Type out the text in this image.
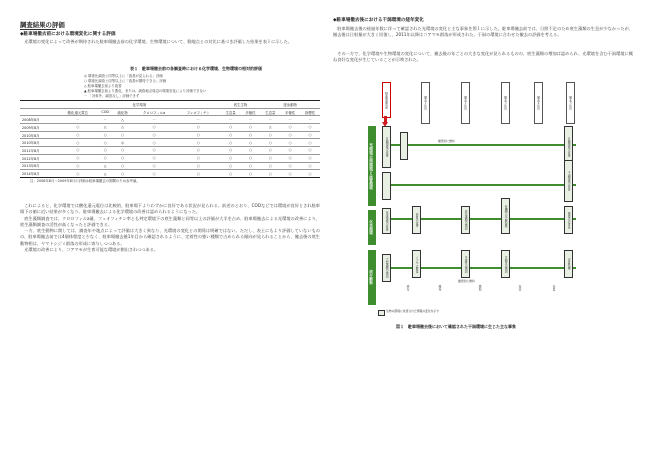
調査結果の評価
◆駐車場撤去前における環境変化に関する評価
　光環境の変化によって改善が期待された駐車場撤去前の化学環境、生物環境について、動地点との対比に基づき評価した結果を表１に示した。
表１　駐車場撤去前の各調査時における化学環境、生物環境の相対的評価
◎ 環境比調査と同等以上に「改善が見られる」評価
○ 環境比調査と同等以上に「改善が期待できる」評価
△ 駐車場撤去前より改善
▲ 駐車場撤去前より悪化、または、調査地点周辺の環境変化により評価できない
－ 「対象外、調査なし」評価できず
	化学環境					底生生物		遊泳動物		
	酸化還元電位	COD	硫化物	クロロフィルa	フェオフィチン	生息量	多様性	生息量	多様性	指標性
2008年8月	－	－	△	－	－	－	－	－	－	－
2009年8月	○	△	△	○	○	○	○	△	○	○
2010年8月	○	○	○	○	○	○	○	○	○	○
2010年8月	○	○	◎	○	○	○	○	○	○	○
2011年8月	○	○	○	○	○	○	○	○	○	○
2012年8月	○	○	○	○	○	○	○	○	○	○
2013年8月	○	△	○	○	○	○	○	○	○	○
2014年8月	○	△	○	○	○	○	○	○	○	○
注：2008年8月〜2009年8月の評価は駐車場撤去の期間のため参考値。
　これによると、化学環境では酸化還元電位は比較的、駐車場下よりわずかに良好である状況が見られる。前述のとおり、CODなどでは環境が良好とされ駐車場下の値に近い結果が多くなり、駐車場撤去による化学環境の改善は認められるようになった。
　底生藻類調査では、クロロフィルa量、フェオフィチン率とも判定環境下の底生藻類と同等以上の評価が大半を占め、駐車場撤去による光環境の改善により、底生藻類調査の活性が高くなったと評価できる。
　一方、底生動物に関しては、調査年や地点によって評価は大きく異なり、光環境の変化との関係は明確ではない。ただし、表土にもより評価していないものの、駐車場撤去前では4個体程度と少なく、駐車場撤去後1年目から確認されるように、定着性の強い種類で占められる傾向が見られることから、撤去後の底生動物相は、ヤマトシジミ群落の形成に寄与しつつある。
　光環境の改善により、コアマモが生育可能な環境が創出されつつある。
◆駐車場撤去後における干潟環境の経年変化
　駐車場撤去後の経過年数に伴って確認された光環境の変化と主な事象を図１に示した。駐車場撤去前では、日照不足のため底生藻類の生息が少なかったが、撤去後は日射量が大きく回復し、2011年以降はコアマモ群落が形成された。干潟の環境に合わせた撤去の評価を考える。
　その一方で、化学環境や生物環境の変化について、撤去後の年ごとの大きな変化が見られるものの、底生藻類の増加は認められ、光環境を含む干潟環境に概ね良好な変化が生じていることが示唆された。
駐車場撤去前	撤去１年目	撤去２年目	撤去３年目	撤去４年目	撤去５年目
光環境(日照環境)と底質環境
化学環境
底生動物
日照環境の改善	継続的に維持	日照環境の改善
干潟環境の変化
化学環境の改善	底質の改善	底生藻類の増加	有機物の分解促進	環境の安定化
大型藻類の増加	コアマモ群落	多様性の増加	生物量の増加	定着性種
継続的に維持
移行	維持	増加	安定	定着
生物の環境に改善された情報の変化を示す
図１　駐車場撤去後において確認された干潟環境に生じた主な事象
